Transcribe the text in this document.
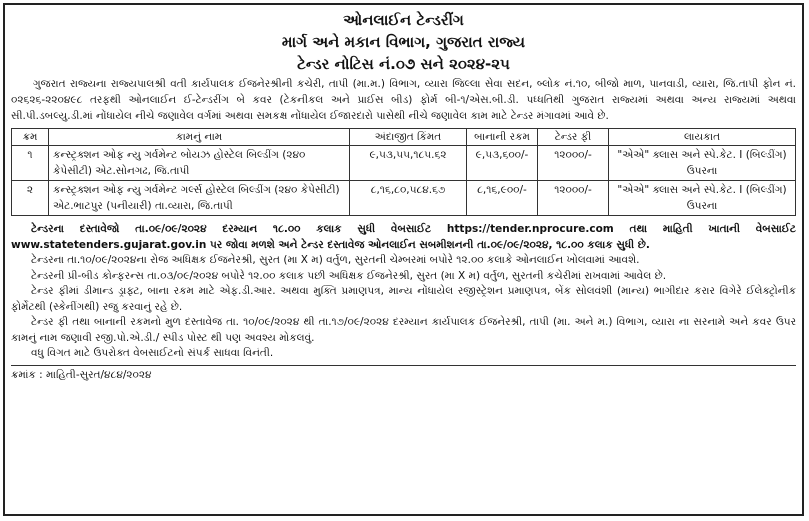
ઓનલાઈન ટેન્ડરીંગ
માર્ગ અને મકાન વિભાગ, ગુજરાત રાજ્ય
ટેન્ડર નોટિસ નં.૦૭ સને ૨૦૨૪-૨૫
ગુજરાત રાજ્યના રાજ્યપાલશ્રી વતી કાર્યપાલક ઈજનેરશ્રીની કચેરી, તાપી (મા.મ.) વિભાગ, વ્યારા જિલ્લા સેવા સદન, બ્લોક નં.૧૦, બીજો માળ, પાનવાડી, વ્યારા, જિ.તાપી ફોન નં. ૦૨૬૨૬-૨૨૦૪૯૮ તરફથી ઓનલાઈન ઈ-ટેન્ડરીંગ બે કવર (ટેકનીકલ અને પ્રાઈસ બીડ) ફોર્મ બી-૧/એસ.બી.ડી. પધ્ધતિથી ગુજરાત રાજ્યમાં અથવા અન્ય રાજ્યમાં અથવા સી.પી.ડબલ્યુ.ડી.માં નોંધાયેલ નીચે જણાવેલ વર્ગમાં અથવા સમકક્ષ નોંધાયેલ ઈજારદારો પાસેથી નીચે જણાવેલ કામ માટે ટેન્ડર મંગાવમાં આવે છે.
ક્રમ	કામનું નામ	અંદાજીત કિંમત	બાનાની રકમ	ટેન્ડર ફી	લાયકાત
૧	કન્સ્ટ્રક્શન ઓફ ન્યુ ગર્વમેન્ટ બોયઝ હોસ્ટેલ બિલ્ડીંગ (૨૪૦ કેપેસીટી) એટ.સોનગઢ, જિ.તાપી	૯,૫૩,૫૫,૧૮૫.૬૨	૯,૫૩,૬૦૦/-	૧૨૦૦૦/-	"એએ" ક્લાસ અને સ્પે.કેટ. I (બિલ્ડીંગ) ઉપરના
૨	કન્સ્ટ્રક્શન ઓફ ન્યુ ગર્વમેન્ટ ગર્લ્સ હોસ્ટેલ બિલ્ડીંગ (૨૪૦ કેપેસીટી) એટ.ભાટપુર (પનીયારી) તા.વ્યારા, જિ.તાપી	૮,૧૬,૮૦,૫૮૪.૬૭	૮,૧૬,૯૦૦/-	૧૨૦૦૦/-	"એએ" ક્લાસ અને સ્પે.કેટ. I (બિલ્ડીંગ) ઉપરના

ટેન્ડરના દસ્તાવેજો તા.૦૯/૦૯/૨૦૨૪ દરમ્યાન ૧૮.૦૦ કલાક સુધી વેબસાઈટ https://tender.nprocure.com તથા માહિતી ખાતાની વેબસાઈટ www.statetenders.gujarat.gov.in પર જોવા મળશે અને ટેન્ડર દસ્તાવેજ ઓનલાઈન સબમીશનની તા.૦૯/૦૯/૨૦૨૪, ૧૮.૦૦ કલાક સુધી છે.

ટેન્ડરના તા.૧૦/૦૯/૨૦૨૪ના રોજ અધિક્ષક ઈજનેરશ્રી, સુરત (મા X મ) વર્તુળ, સુરતની ચેમ્બરમાં બપોરે ૧૨.૦૦ કલાકે ઓનલાઈન ખોલવામાં આવશે.

ટેન્ડરની પ્રી-બીડ કોન્ફરન્સ તા.૦૩/૦૯/૨૦૨૪ બપોરે ૧૨.૦૦ કલાક પછી અધિક્ષક ઈજનેરશ્રી, સુરત (મા X મ) વર્તુળ, સુરતની કચેરીમાં રાખવામાં આવેલ છે.

ટેન્ડર ફીમાં ડીમાન્ડ ડ્રાફ્ટ, બાના રકમ માટે એફ.ડી.આર. અથવા મુક્તિ પ્રમાણપત્ર, માન્ય નોંધાયેલ રજીસ્ટ્રેશન પ્રમાણપત્ર, બેંક સોલવંશી (માન્ય) ભાગીદાર કરાર વિગેરે ઈલેક્ટ્રોનીક ફોર્મેટથી (સ્કેનીંગથી) રજુ કરવાનું રહે છે.

ટેન્ડર ફી તથા બાનાની રકમનો મુળ દસ્તાવેજ તા. ૧૦/૦૯/૨૦૨૪ થી તા.૧૭/૦૯/૨૦૨૪ દરમ્યાન કાર્યપાલક ઈજનેરશ્રી, તાપી (મા. અને મ.) વિભાગ, વ્યારા ના સરનામે અને કવર ઉપર કામનું નામ જણાવી રજી.પો.એ.ડી./ સ્પીડ પોસ્ટ થી પણ અવશ્ય મોકલવું.

વધુ વિગત માટે ઉપરોક્ત વેબસાઈટનો સંપર્ક સાધવા વિનંતી.

ક્રમાંક : માહિતી-સુરત/૪૮૪/૨૦૨૪
